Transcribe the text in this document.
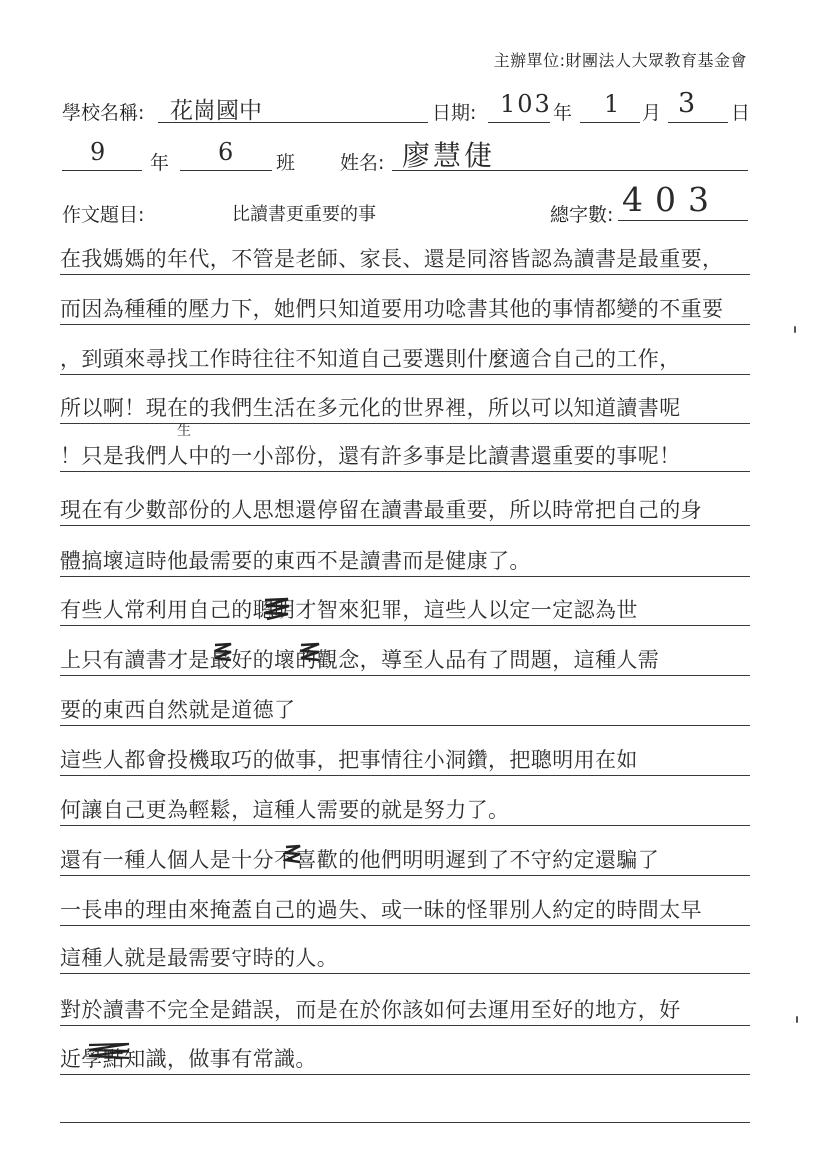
主辦單位:財團法人大眾教育基金會
學校名稱: 花崗國中	日期: 103 年 1 月 3 日
9 年 6 班 姓名: 廖慧倢
作文題目:	比讀書更重要的事	總字數: 403
在我媽媽的年代，不管是老師、家長、還是同溶皆認為讀書是最重要，
而因為種種的壓力下，她們只知道要用功唸書其他的事情都變的不重要
，到頭來尋找工作時往往不知道自己要選則什麼適合自己的工作，
所以啊！現在的我們生活在多元化的世界裡，所以可以知道讀書呢
！只是我們人中的一小部份，還有許多事是比讀書還重要的事呢！
現在有少數部份的人思想還停留在讀書最重要，所以時常把自己的身
體搞壞這時他最需要的東西不是讀書而是健康了。
有些人常利用自己的聰明才智來犯罪，這些人以定一定認為世
上只有讀書才是最好的壞的觀念，導至人品有了問題，這種人需
要的東西自然就是道德了
這些人都會投機取巧的做事，把事情往小洞鑽，把聰明用在如
何讓自己更為輕鬆，這種人需要的就是努力了。
還有一種人個人是十分不喜歡的他們明明遲到了不守約定還騙了
一長串的理由來掩蓋自己的過失、或一昧的怪罪別人約定的時間太早
這種人就是最需要守時的人。
對於讀書不完全是錯誤，而是在於你該如何去運用至好的地方，好
近學點知識，做事有常識。
生
